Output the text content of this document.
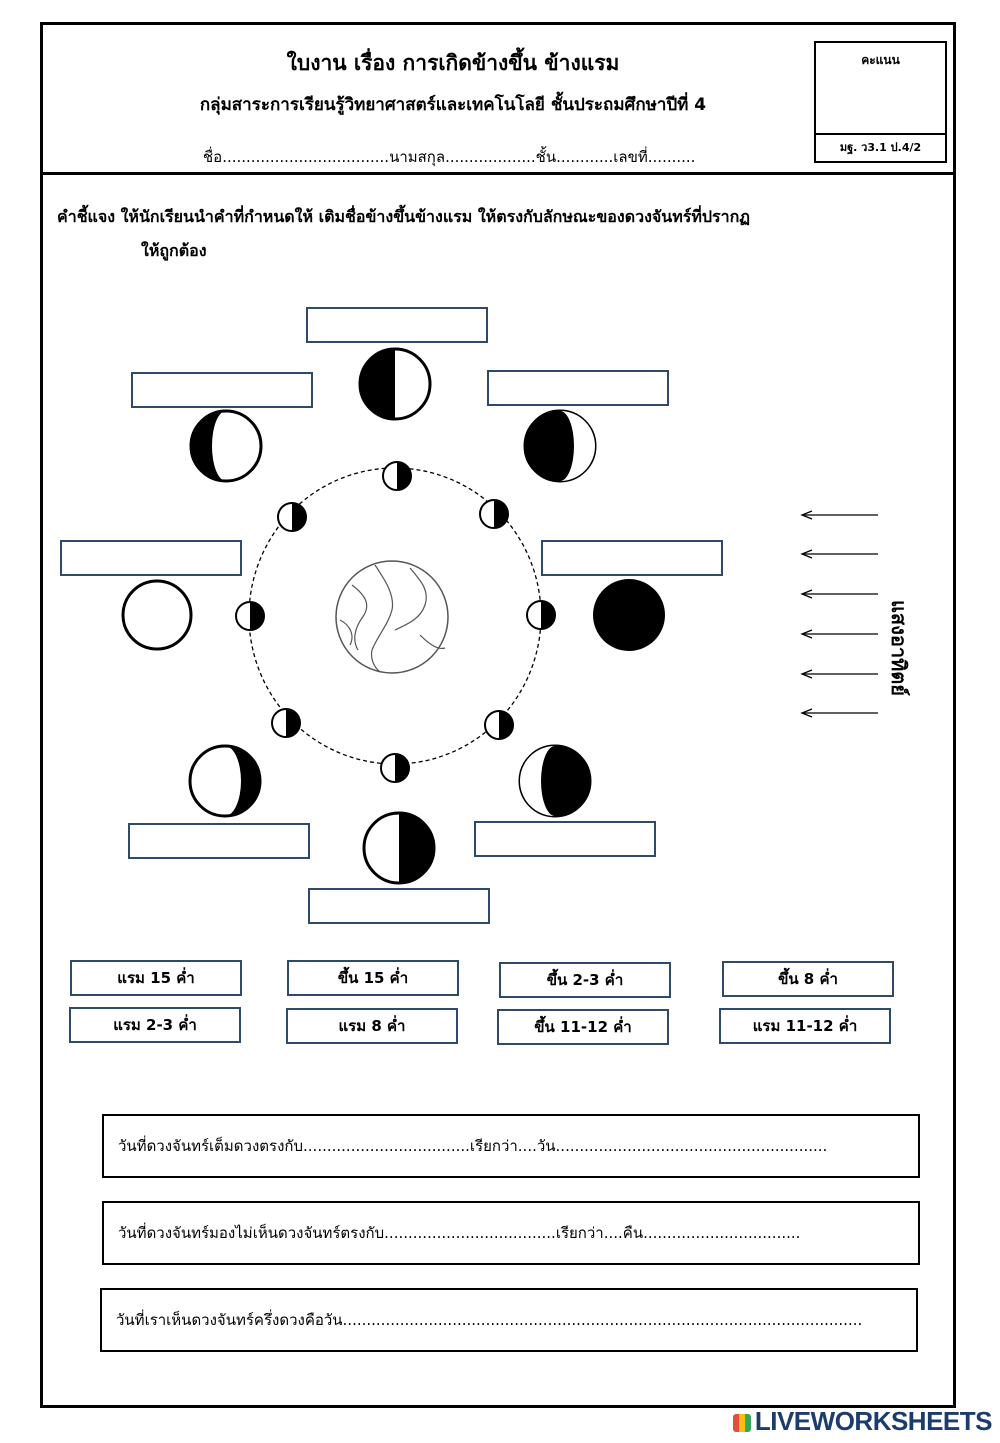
ใบงาน เรื่อง การเกิดข้างขึ้น ข้างแรม
กลุ่มสาระการเรียนรู้วิทยาศาสตร์และเทคโนโลยี ชั้นประถมศึกษาปีที่ 4
ชื่อ...................................นามสกุล...................ชั้น............เลขที่..........
คะแนน
มฐ. ว3.1 ป.4/2
คำชี้แจง ให้นักเรียนนำคำที่กำหนดให้ เติมชื่อข้างขึ้นข้างแรม ให้ตรงกับลักษณะของดวงจันทร์ที่ปรากฏ
ให้ถูกต้อง
แสงอาทิตย์
แรม 15 ค่ำ	ขึ้น 15 ค่ำ	ขึ้น 2-3 ค่ำ	ขึ้น 8 ค่ำ
แรม 2-3 ค่ำ	แรม 8 ค่ำ	ขึ้น 11-12 ค่ำ	แรม 11-12 ค่ำ
วันที่ดวงจันทร์เต็มดวงตรงกับ...................................เรียกว่า....วัน.........................................................
วันที่ดวงจันทร์มองไม่เห็นดวงจันทร์ตรงกับ....................................เรียกว่า....คืน.................................
วันที่เราเห็นดวงจันทร์ครึ่งดวงคือวัน.............................................................................................................
LIVEWORKSHEETS
